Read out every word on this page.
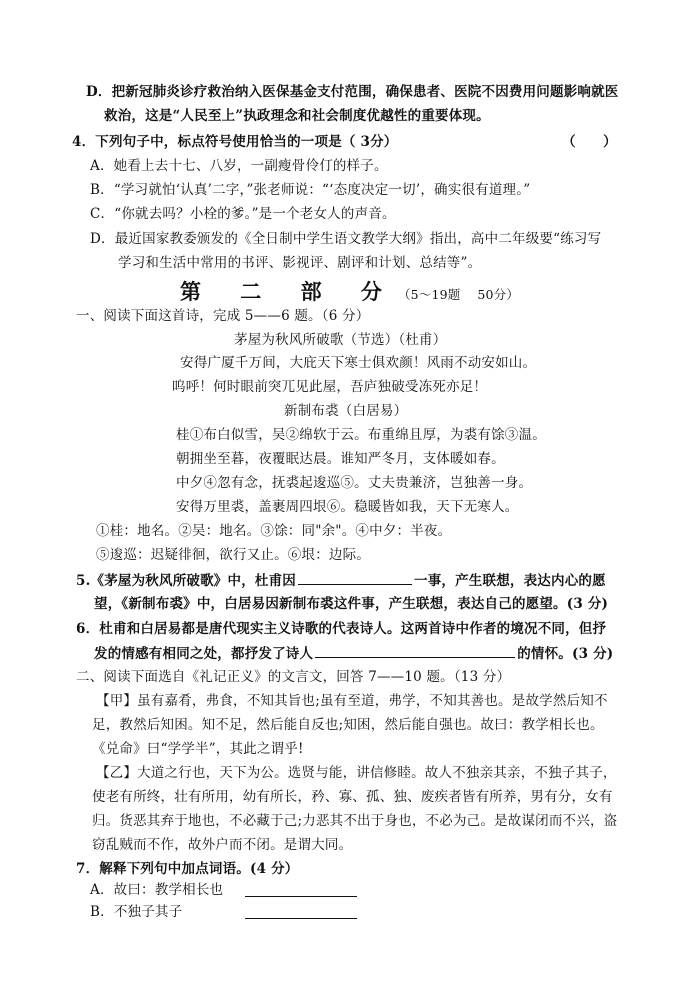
D．把新冠肺炎诊疗救治纳入医保基金支付范围，确保患者、医院不因费用问题影响就医
救治，这是“人民至上”执政理念和社会制度优越性的重要体现。
4．下列句子中，标点符号使用恰当的一项是（ 3分）	（　　）
A．她看上去十七、八岁，一副瘦骨伶仃的样子。
B．“学习就怕‘认真’二字，”张老师说：“‘态度决定一切’，确实很有道理。”
C．“你就去吗？小栓的爹。”是一个老女人的声音。
D．最近国家教委颁发的《全日制中学生语文教学大纲》指出，高中二年级要“练习写
学习和生活中常用的书评、影视评、剧评和计划、总结等”。
第 二 部 分（5～19题　 50分）
一、阅读下面这首诗，完成 5——6 题。（6 分）
茅屋为秋风所破歌（节选）（杜甫）
安得广厦千万间，大庇天下寒士俱欢颜！风雨不动安如山。
呜呼！何时眼前突兀见此屋，吾庐独破受冻死亦足！
新制布裘（白居易）
桂①布白似雪，吴②绵软于云。布重绵且厚，为裘有馀③温。
朝拥坐至暮，夜覆眠达晨。谁知严冬月，支体暖如春。
中夕④忽有念，抚裘起逡巡⑤。丈夫贵兼济，岂独善一身。
安得万里裘，盖裹周四垠⑥。稳暖皆如我，天下无寒人。
①桂：地名。②吴：地名。③馀：同"余"。④中夕：半夜。
⑤逡巡：迟疑徘徊，欲行又止。⑥垠：边际。
5.《茅屋为秋风所破歌》中，杜甫因	一事，产生联想，表达内心的愿
望，《新制布裘》中，白居易因新制布裘这件事，产生联想，表达自己的愿望。(3 分)
6．杜甫和白居易都是唐代现实主义诗歌的代表诗人。这两首诗中作者的境况不同，但抒
发的情感有相同之处，都抒发了诗人	的情怀。(3 分)
二、阅读下面选自《礼记正义》的文言文，回答 7——10 题。（13 分）
【甲】虽有嘉肴，弗食，不知其旨也;虽有至道，弗学，不知其善也。是故学然后知不
足，教然后知困。知不足，然后能自反也;知困，然后能自强也。故曰：教学相长也。
《兑命》曰“学学半”，其此之谓乎!
【乙】大道之行也，天下为公。选贤与能，讲信修睦。故人不独亲其亲，不独子其子，
使老有所终，壮有所用，幼有所长，矜、寡、孤、独、废疾者皆有所养，男有分，女有
归。货恶其弃于地也，不必藏于己;力恶其不出于身也，不必为己。是故谋闭而不兴，盗
窃乱贼而不作，故外户而不闭。是谓大同。
7．解释下列句中加点词语。(4 分）
A．故曰：教学相长也
B．不独子其子
